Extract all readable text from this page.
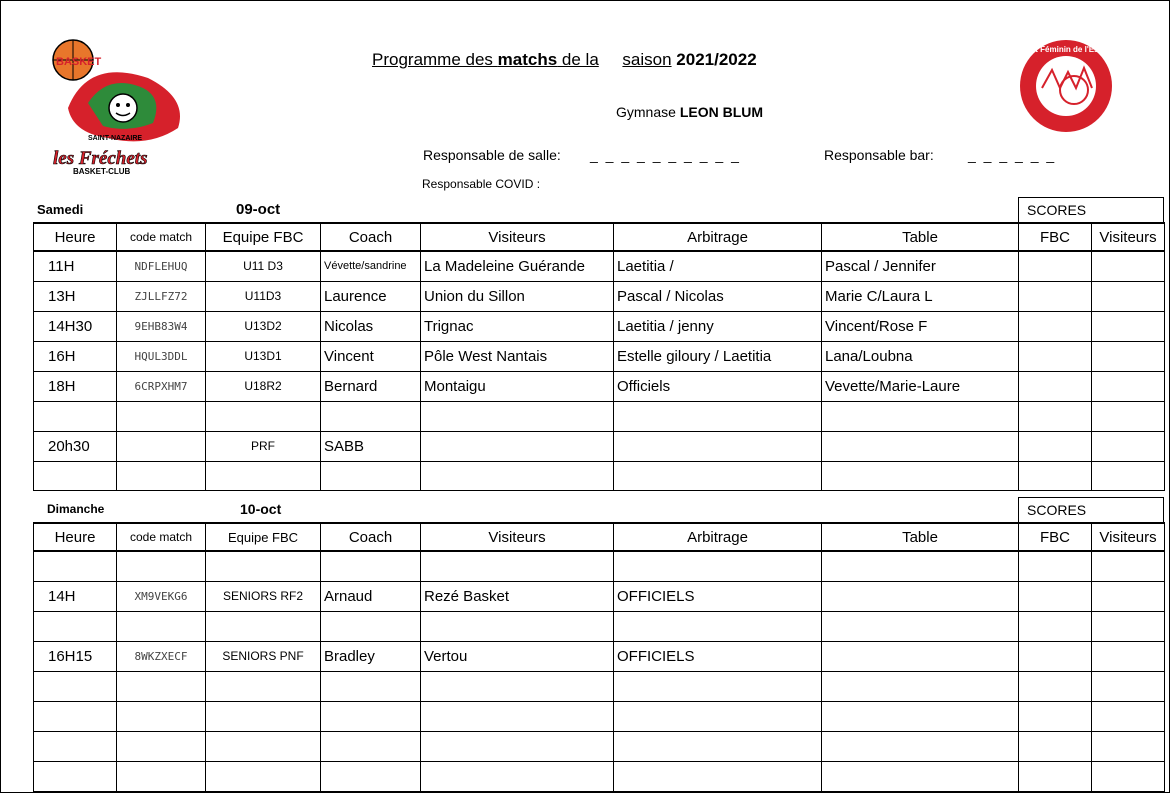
BASKET
SAINT-NAZAIRE
les Fréchets
BASKET-CLUB
Basket Féminin de l'Estuaire
Programme des matchs de la saison 2021/2022
Gymnase LEON BLUM
Responsable de salle: _ _ _ _ _ _ _ _ _ _	Responsable bar: _ _ _ _ _ _
Responsable COVID :
Samedi	09-oct	SCORES
Heure	code match	Equipe FBC	Coach	Visiteurs	Arbitrage	Table	FBC	Visiteurs
11H	NDFLEHUQ	U11 D3	Vévette/sandrine	La Madeleine Guérande	Laetitia /	Pascal / Jennifer		
13H	ZJLLFZ72	U11D3	Laurence	Union du Sillon	Pascal / Nicolas	Marie C/Laura L		
14H30	9EHB83W4	U13D2	Nicolas	Trignac	Laetitia / jenny	Vincent/Rose F		
16H	HQUL3DDL	U13D1	Vincent	Pôle West Nantais	Estelle giloury / Laetitia	Lana/Loubna		
18H	6CRPXHM7	U18R2	Bernard	Montaigu	Officiels	Vevette/Marie-Laure		

20h30		PRF	SABB					

Dimanche	10-oct	SCORES
Heure	code match	Equipe FBC	Coach	Visiteurs	Arbitrage	Table	FBC	Visiteurs

14H	XM9VEKG6	SENIORS RF2	Arnaud	Rezé Basket	OFFICIELS			

16H15	8WKZXECF	SENIORS PNF	Bradley	Vertou	OFFICIELS			
